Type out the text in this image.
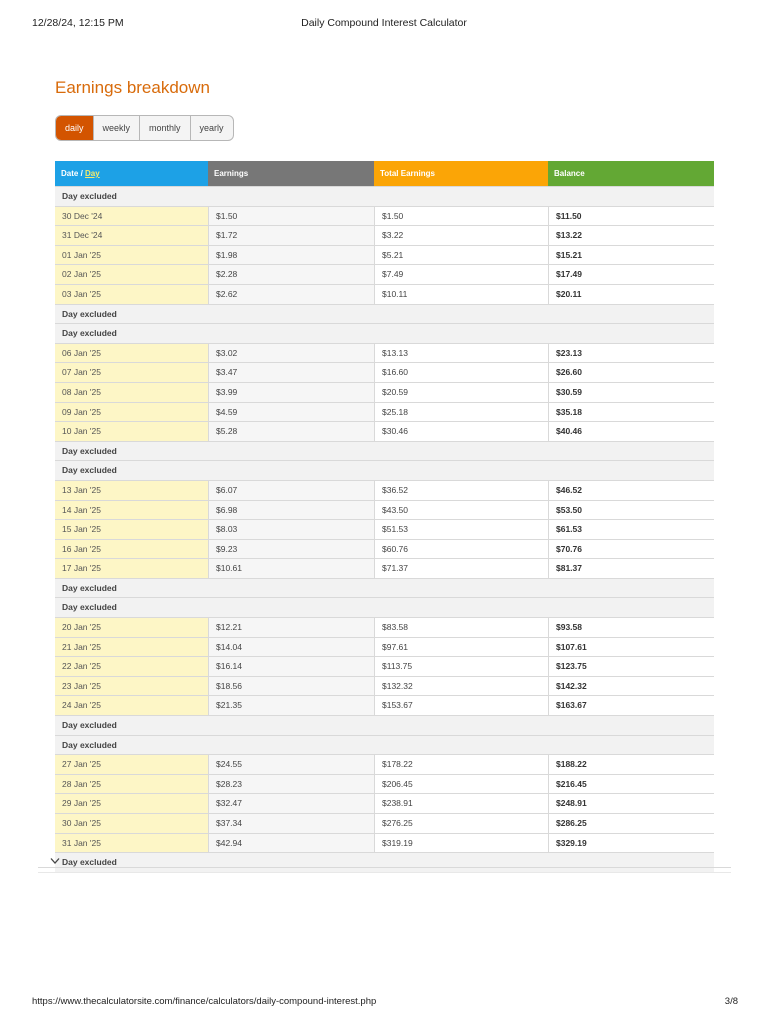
12/28/24, 12:15 PM	Daily Compound Interest Calculator
Earnings breakdown
daily	weekly	monthly	yearly
Date / Day	Earnings	Total Earnings	Balance
Day excluded
30 Dec '24	$1.50	$1.50	$11.50
31 Dec '24	$1.72	$3.22	$13.22
01 Jan '25	$1.98	$5.21	$15.21
02 Jan '25	$2.28	$7.49	$17.49
03 Jan '25	$2.62	$10.11	$20.11
Day excluded
Day excluded
06 Jan '25	$3.02	$13.13	$23.13
07 Jan '25	$3.47	$16.60	$26.60
08 Jan '25	$3.99	$20.59	$30.59
09 Jan '25	$4.59	$25.18	$35.18
10 Jan '25	$5.28	$30.46	$40.46
Day excluded
Day excluded
13 Jan '25	$6.07	$36.52	$46.52
14 Jan '25	$6.98	$43.50	$53.50
15 Jan '25	$8.03	$51.53	$61.53
16 Jan '25	$9.23	$60.76	$70.76
17 Jan '25	$10.61	$71.37	$81.37
Day excluded
Day excluded
20 Jan '25	$12.21	$83.58	$93.58
21 Jan '25	$14.04	$97.61	$107.61
22 Jan '25	$16.14	$113.75	$123.75
23 Jan '25	$18.56	$132.32	$142.32
24 Jan '25	$21.35	$153.67	$163.67
Day excluded
Day excluded
27 Jan '25	$24.55	$178.22	$188.22
28 Jan '25	$28.23	$206.45	$216.45
29 Jan '25	$32.47	$238.91	$248.91
30 Jan '25	$37.34	$276.25	$286.25
31 Jan '25	$42.94	$319.19	$329.19
Day excluded
https://www.thecalculatorsite.com/finance/calculators/daily-compound-interest.php	3/8
